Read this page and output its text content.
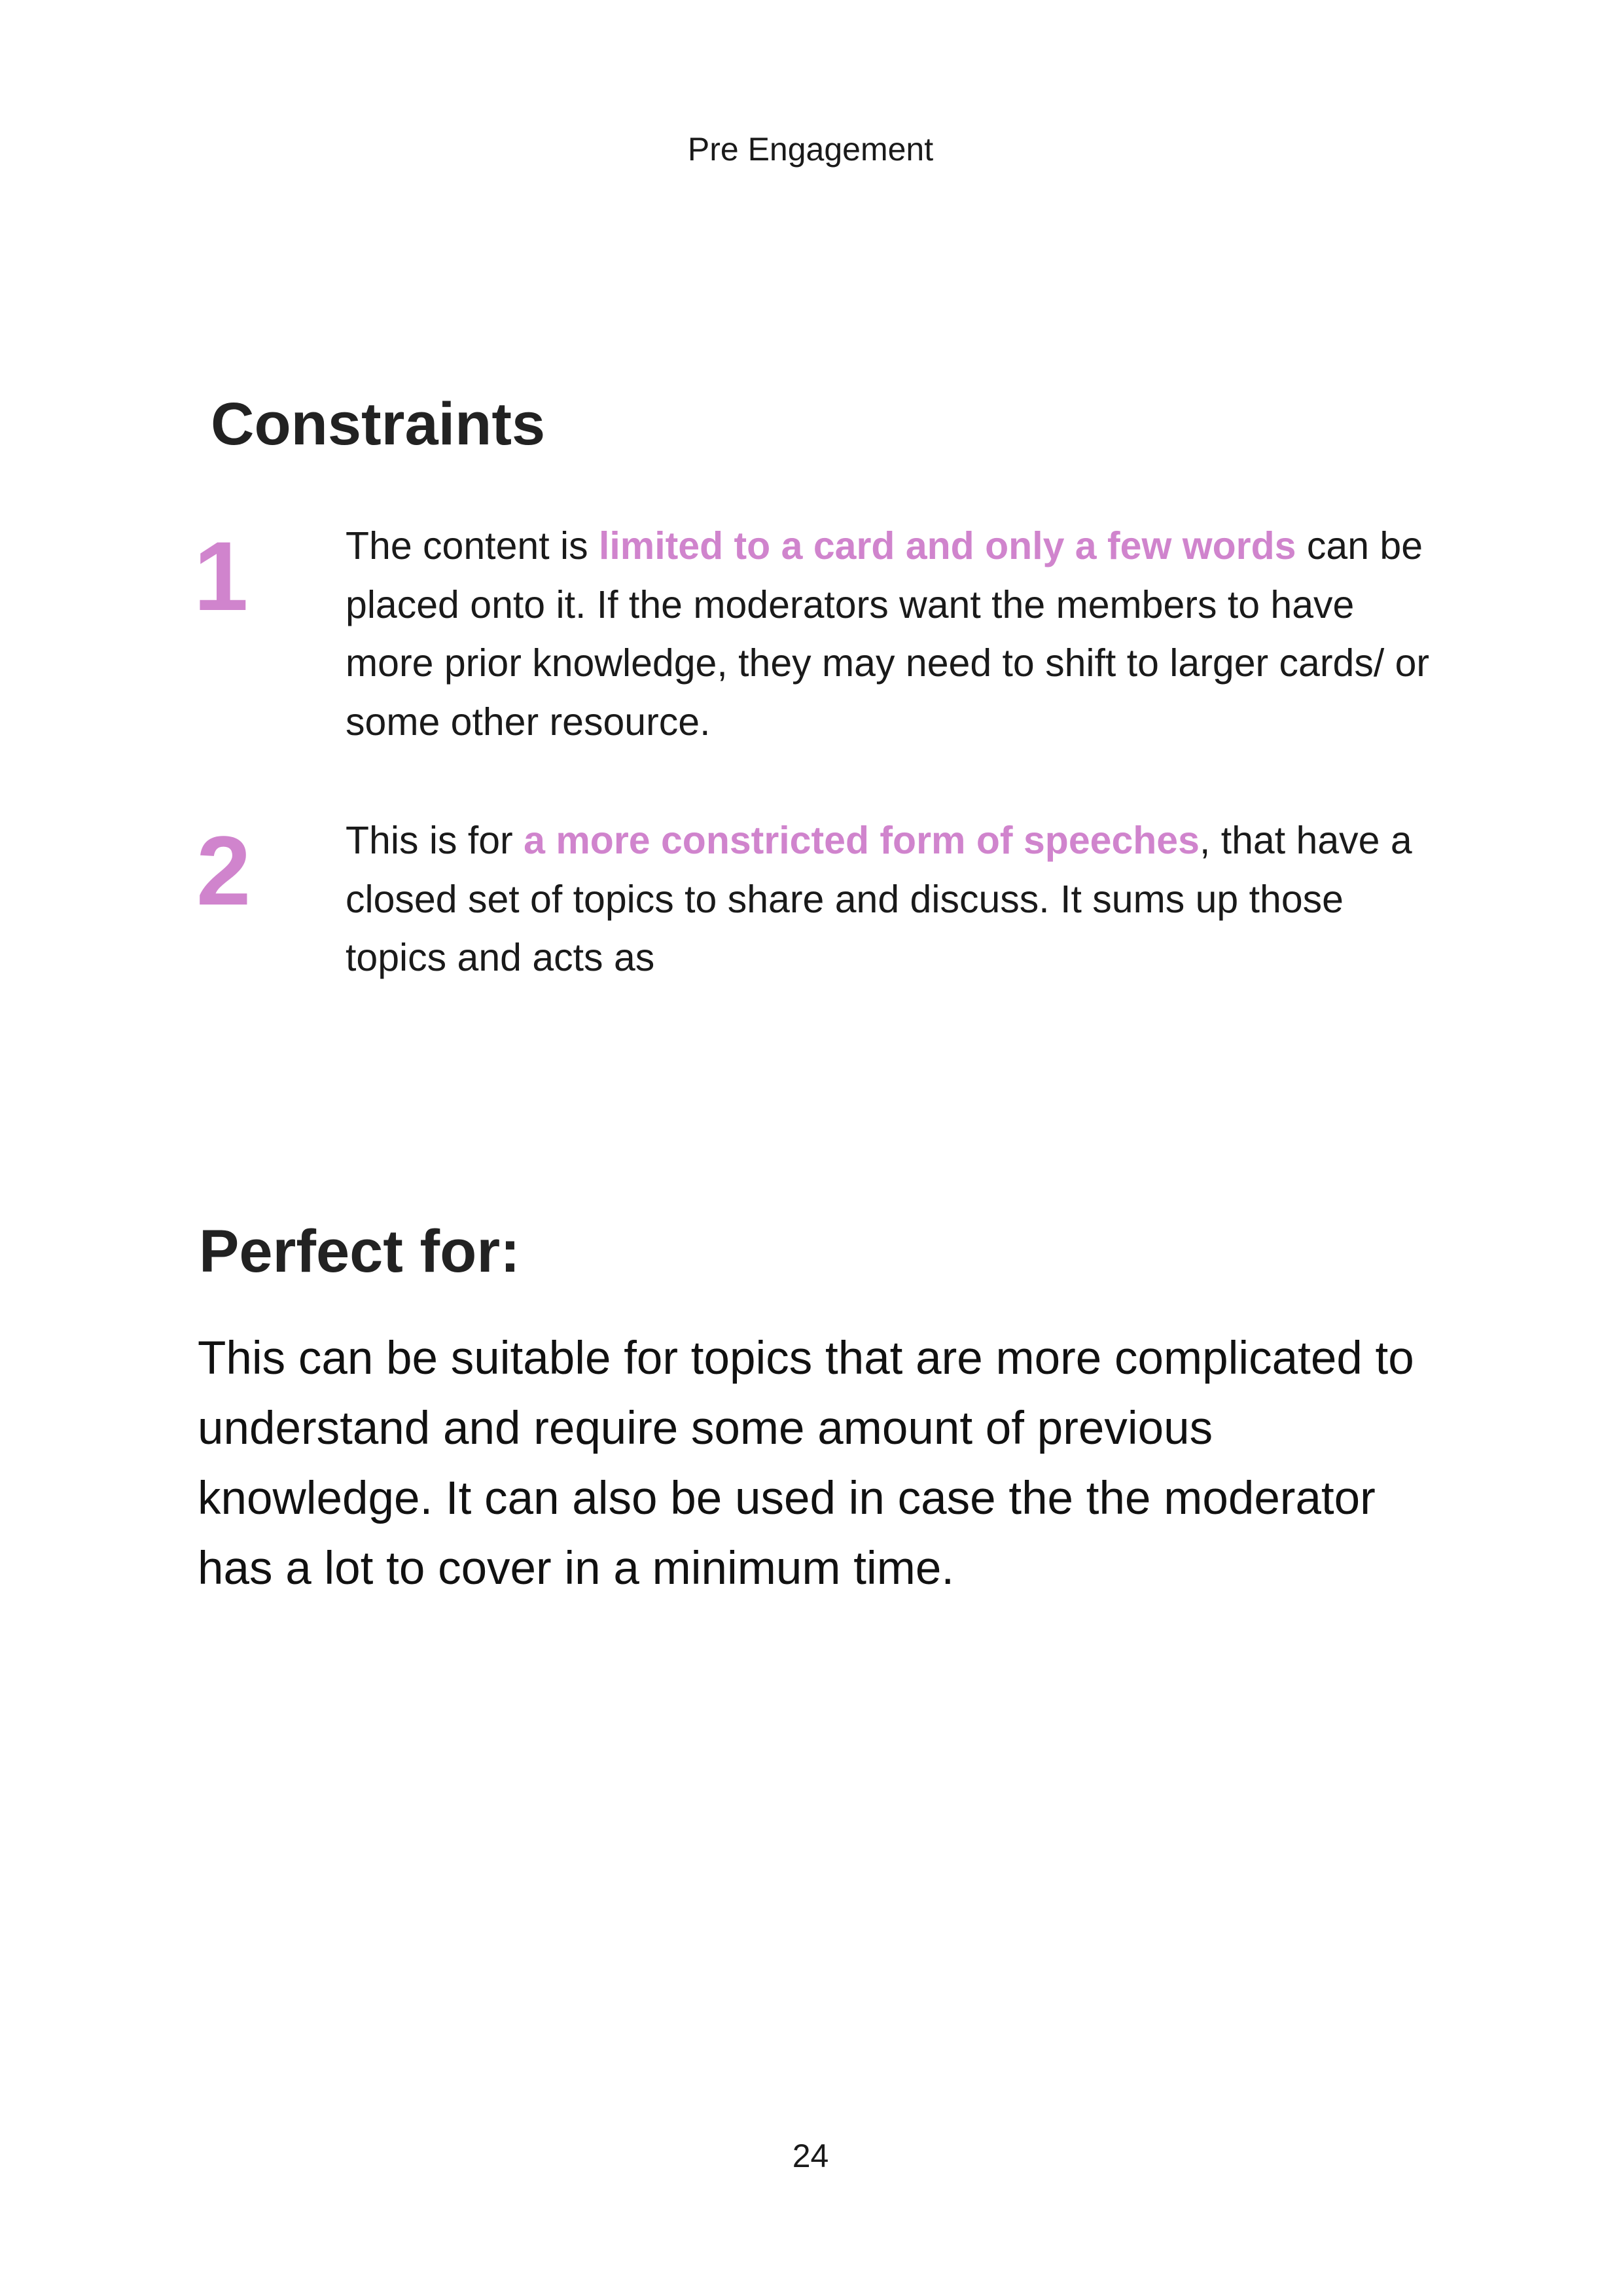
Pre Engagement
Constraints
1	The content is limited to a card and only a few words can be placed onto it. If the moderators want the members to have more prior knowledge, they may need to shift to larger cards/ or some other resource.
2 This is for a more constricted form of speeches, that have a closed set of topics to share and discuss. It sums up those topics and acts as
Perfect for:

This can be suitable for topics that are more complicated to understand and require some amount of previous knowledge. It can also be used in case the the moderator has a lot to cover in a minimum time.

24
